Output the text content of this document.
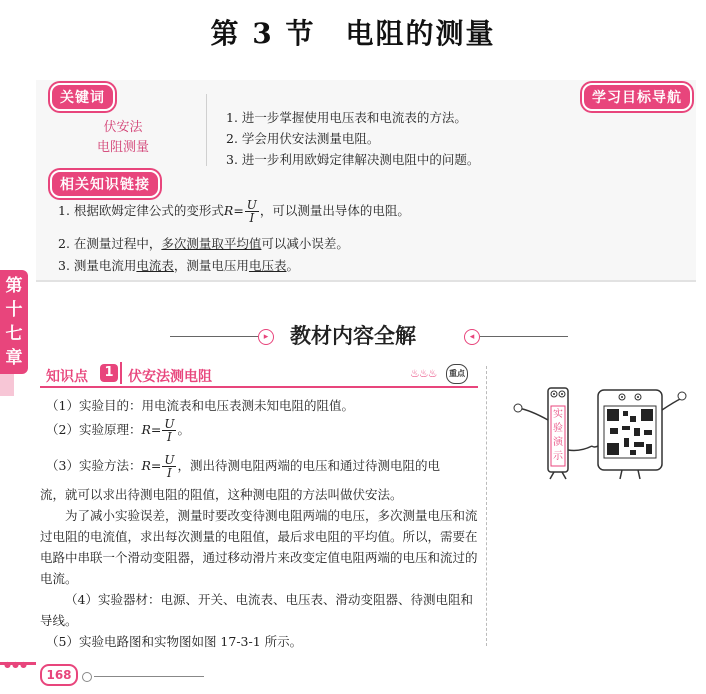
第 3 节　电阻的测量
关键词
伏安法
电阻测量
学习目标导航
1. 进一步掌握使用电压表和电流表的方法。
2. 学会用伏安法测量电阻。
3. 进一步利用欧姆定律解决测电阻中的问题。
相关知识链接
1. 根据欧姆定律公式的变形式$R= \frac{U}{I}$ ，可以测量出导体的电阻。
2. 在测量过程中，多次测量取平均值可以减小误差。
3. 测量电流用电流表，测量电压用电压表。
第十七章
▸	教材内容全解	◂
知识点	1	伏安法测电阻	♨♨♨	重点
实验演示
（1）实验目的：用电流表和电压表测未知电阻的阻值。
（2）实验原理：$R= \frac{U}{I}$ 。
（3）实验方法：$R= \frac{U}{I}$ ，测出待测电阻两端的电压和通过待测电阻的电
流，就可以求出待测电阻的阻值，这种测电阻的方法叫做伏安法。
为了减小实验误差，测量时要改变待测电阻两端的电压，多次测量电压和流过电阻的电流值，求出每次测量的电阻值，最后求电阻的平均值。所以，需要在电路中串联一个滑动变阻器，通过移动滑片来改变定值电阻两端的电压和流过的电流。
（4）实验器材：电源、开关、电流表、电压表、滑动变阻器、待测电阻和导线。
（5）实验电路图和实物图如图 17-3-1 所示。
●●●
168
